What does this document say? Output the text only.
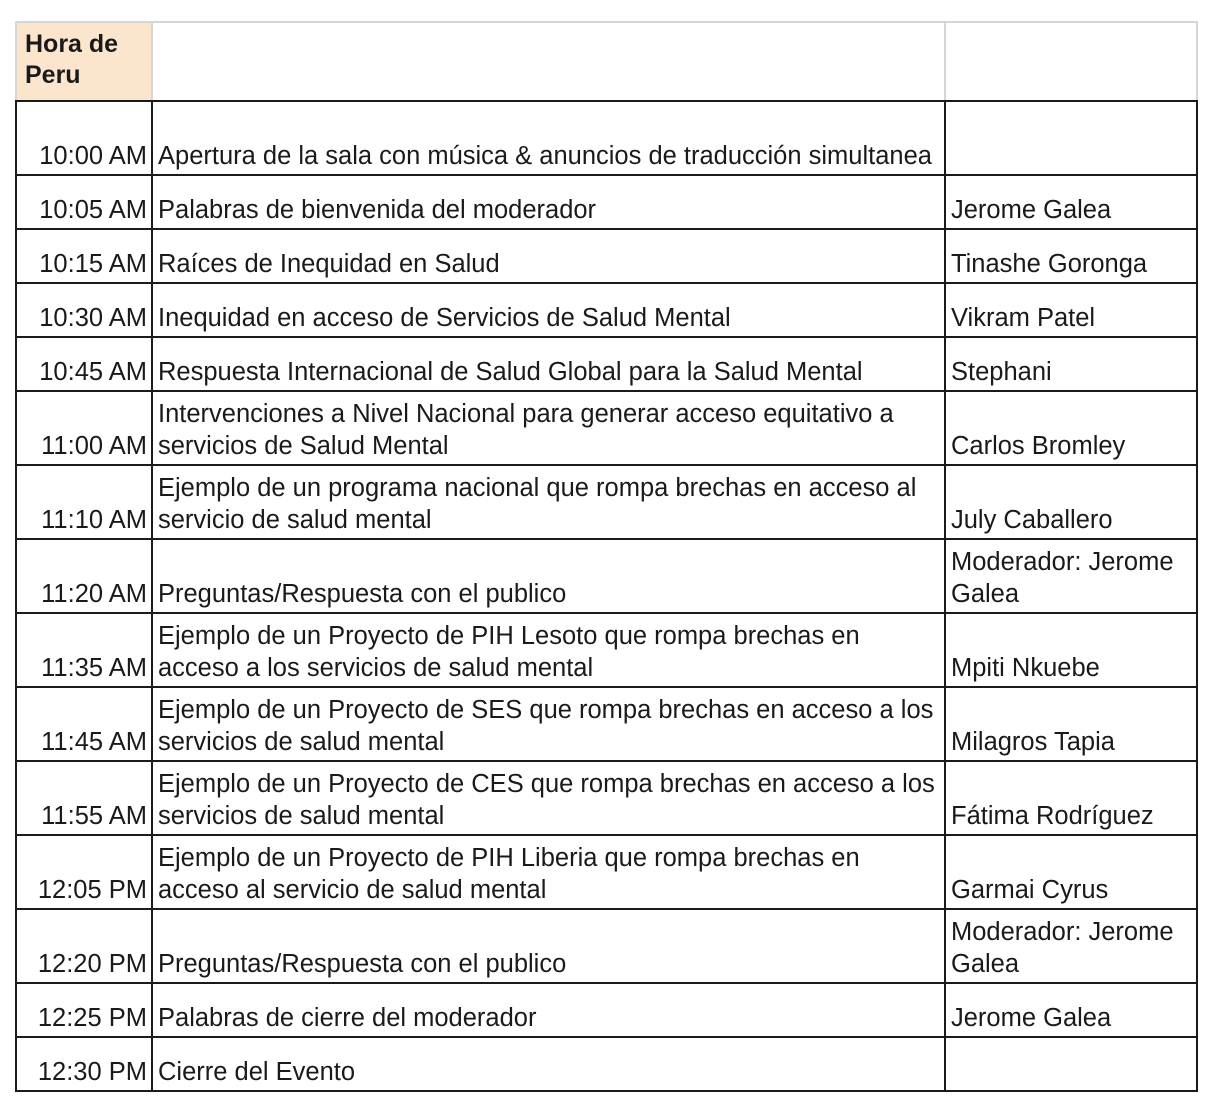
Hora de Peru		
10:00 AM	Apertura de la sala con música & anuncios de traducción simultanea	
10:05 AM	Palabras de bienvenida del moderador	Jerome Galea
10:15 AM	Raíces de Inequidad en Salud	Tinashe Goronga
10:30 AM	Inequidad en acceso de Servicios de Salud Mental	Vikram Patel
10:45 AM	Respuesta Internacional de Salud Global para la Salud Mental	Stephani
11:00 AM	Intervenciones a Nivel Nacional para generar acceso equitativo a servicios de Salud Mental	Carlos Bromley
11:10 AM	Ejemplo de un programa nacional que rompa brechas en acceso al servicio de salud mental	July Caballero
11:20 AM	Preguntas/Respuesta con el publico	Moderador: Jerome Galea
11:35 AM	Ejemplo de un Proyecto de PIH Lesoto que rompa brechas en acceso a los servicios de salud mental	Mpiti Nkuebe
11:45 AM	Ejemplo de un Proyecto de SES que rompa brechas en acceso a los servicios de salud mental	Milagros Tapia
11:55 AM	Ejemplo de un Proyecto de CES que rompa brechas en acceso a los servicios de salud mental	Fátima Rodríguez
12:05 PM	Ejemplo de un Proyecto de PIH Liberia que rompa brechas en acceso al servicio de salud mental	Garmai Cyrus
12:20 PM	Preguntas/Respuesta con el publico	Moderador: Jerome Galea
12:25 PM	Palabras de cierre del moderador	Jerome Galea
12:30 PM	Cierre del Evento	
